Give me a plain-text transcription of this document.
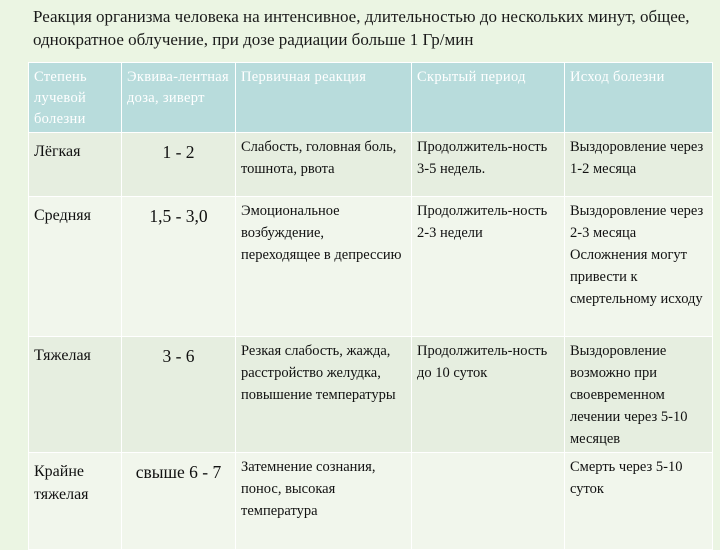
Реакция организма человека на интенсивное, длительностью до нескольких минут, общее, однократное облучение, при дозе радиации больше 1 Гр/мин
Степень лучевой болезни	Эквива-лентная доза, зиверт	Первичная реакция	Скрытый период	Исход болезни
Лёгкая	1 - 2	Слабость, головная боль, тошнота, рвота	Продолжитель-ность 3-5 недель.	Выздоровление через 1-2 месяца
Средняя	1,5 - 3,0	Эмоциональное возбуждение, переходящее в депрессию	Продолжитель-ность 2-3 недели	Выздоровление через 2-3 месяца Осложнения могут привести к смертельному исходу
Тяжелая	3 - 6	Резкая слабость, жажда, расстройство желудка, повышение температуры	Продолжитель-ность до 10 суток	Выздоровление возможно при своевременном лечении через 5-10 месяцев
Крайне тяжелая	свыше 6 - 7	Затемнение сознания, понос, высокая температура		Смерть через 5-10 суток
